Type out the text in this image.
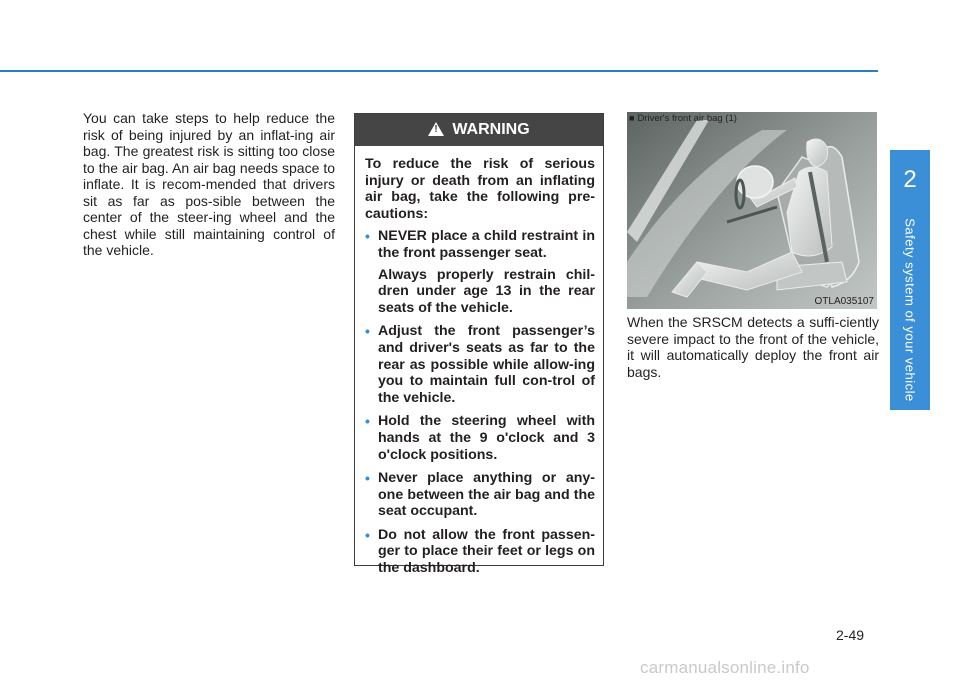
2
Safety system of your vehicle

You can take steps to help reduce the risk of being injured by an inflat-ing air bag. The greatest risk is sitting too close to the air bag. An air bag needs space to inflate. It is recom-mended that drivers sit as far as pos-sible between the center of the steer-ing wheel and the chest while still maintaining control of the vehicle.

!
WARNING

To reduce the risk of serious injury or death from an inflating air bag, take the following pre-cautions:

• NEVER place a child restraint in the front passenger seat.

Always properly restrain chil-dren under age 13 in the rear seats of the vehicle.

• Adjust the front passenger’s and driver's seats as far to the rear as possible while allow-ing you to maintain full con-trol of the vehicle.
• Hold the steering wheel with hands at the 9 o'clock and 3 o'clock positions.
• Never place anything or any-one between the air bag and the seat occupant.
• Do not allow the front passen-ger to place their feet or legs on the dashboard.
OTLA035107
■ Driver's front air bag (1)

When the SRSCM detects a suffi-ciently severe impact to the front of the vehicle, it will automatically deploy the front air bags.

2-49
carmanualsonline.info
